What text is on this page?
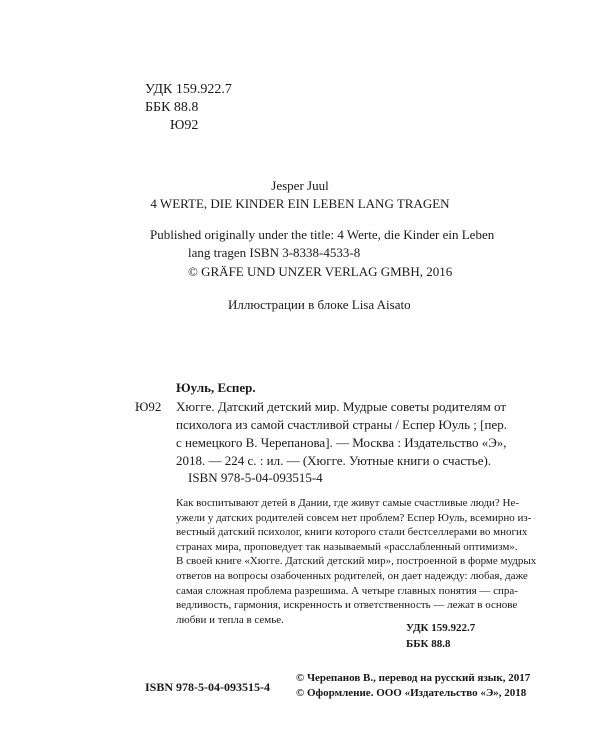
УДК 159.922.7
ББК 88.8
Ю92
Jesper Juul
4 WERTE, DIE KINDER EIN LEBEN LANG TRAGEN
Published originally under the title: 4 Werte, die Kinder ein Leben
lang tragen ISBN 3-8338-4533-8
© GRÄFE UND UNZER VERLAG GMBH, 2016
Иллюстрации в блоке Lisa Aisato
Юуль, Еспер.
Ю92 Хюгге. Датский детский мир. Мудрые советы родителям от
психолога из самой счастливой страны / Еспер Юуль ; [пер.
с немецкого В. Черепанова]. — Москва : Издательство «Э»,
2018. — 224 с. : ил. — (Хюгге. Уютные книги о счастье).
ISBN 978-5-04-093515-4
Как воспитывают детей в Дании, где живут самые счастливые люди? Не-
ужели у датских родителей совсем нет проблем? Еспер Юуль, всемирно из-
вестный датский психолог, книги которого стали бестселлерами во многих
странах мира, проповедует так называемый «расслабленный оптимизм».
В своей книге «Хюгге. Датский детский мир», построенной в форме мудрых
ответов на вопросы озабоченных родителей, он дает надежду: любая, даже
самая сложная проблема разрешима. А четыре главных понятия — спра-
ведливость, гармония, искренность и ответственность — лежат в основе
любви и тепла в семье.
УДК 159.922.7
ББК 88.8
ISBN 978-5-04-093515-4
© Черепанов В., перевод на русский язык, 2017
© Оформление. ООО «Издательство «Э», 2018
